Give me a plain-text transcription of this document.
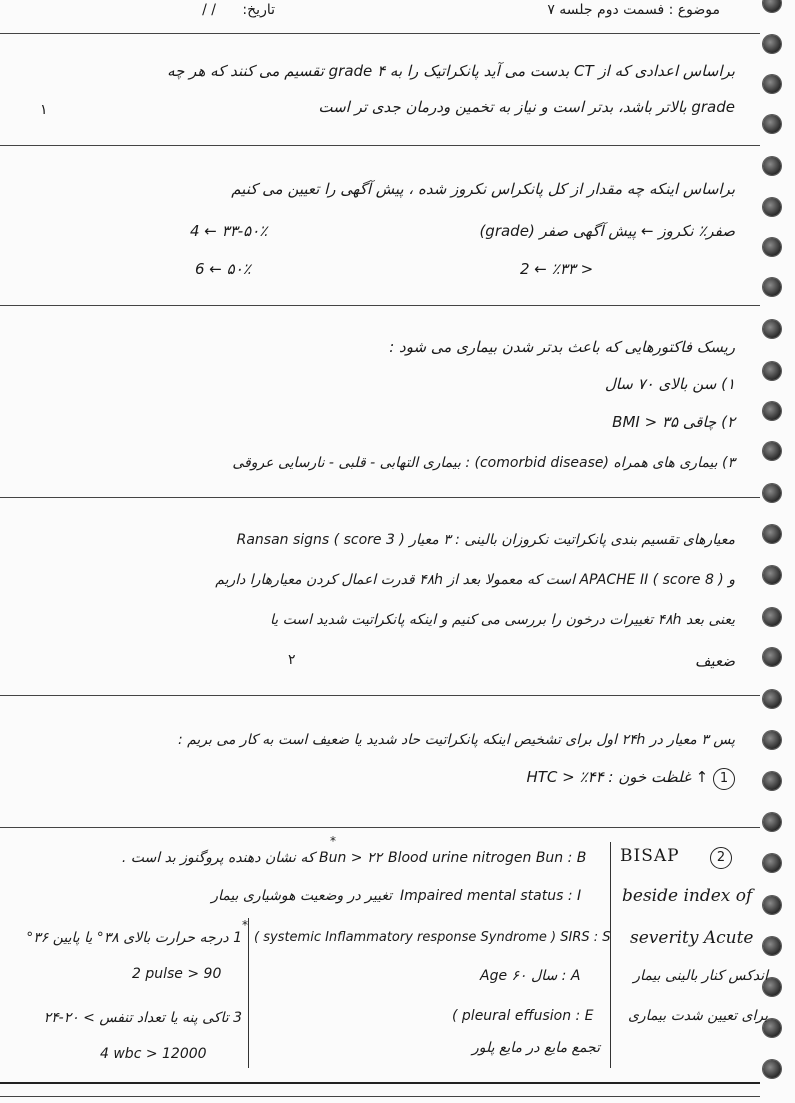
موضوع : فسمت دوم جلسه ۷
تاریخ: / /
براساس اعدادی که از CT بدست می آید پانکراتیک را به ۴ grade تقسیم می کنند که هر چه
grade بالاتر باشد، بدتر است و نیاز به تخمین ودرمان جدی تر است
۱
براساس اینکه چه مقدار از کل پانکراس نکروز شده ، پیش آگهی را تعیین می کنیم
صفر٪ نکروز ← پیش آگهی صفر (grade)
4 ← ۳۳-۵۰٪
2 ← ٪۳۳ >
6 ← ۵۰٪
ریسک فاکتورهایی که باعث بدتر شدن بیماری می شود :
۱) سن بالای ۷۰ سال
۲) چاقی BMI > ۳۵
۳) بیماری های همراه (comorbid disease) : بیماری التهابی - قلبی - نارسایی عروقی
معیارهای تقسیم بندی پانکراتیت نکروزان بالینی : ۳ معیار Ransan signs ( score 3 )
و APACHE II ( score 8 ) است که معمولا بعد از ۴۸h قدرت اعمال کردن معیارهارا داریم
یعنی بعد ۴۸h تغییرات درخون را بررسی می کنیم و اینکه پانکراتیت شدید است یا
ضعیف
۲
پس ۳ معیار در ۲۴h اول برای تشخیص اینکه پانکراتیت حاد شدید یا ضعیف است به کار می بریم :
1 ↑ غلظت خون : HTC > ٪۴۴
BISAP	2
beside index of
severity Acute
اندکس کنار بالینی بیمار
برای تعیین شدت بیماری
Blood urine nitrogen Bun : B
Bun > ۲۲ که نشان دهنده پروگنوز بد است .
*
Impaired mental status : I
تغییر در وضعیت هوشیاری بیمار
( systemic Inflammatory response Syndrome ) SIRS : S
*
Age ۶۰ سال : A
( pleural effusion : E
تجمع مایع در مایع پلور
1 درجه حرارت بالای ۳۸° یا پایین ۳۶°
2 pulse > 90
3 تاکی پنه یا تعداد تنفس > ۲۰-۲۴
4 wbc > 12000
